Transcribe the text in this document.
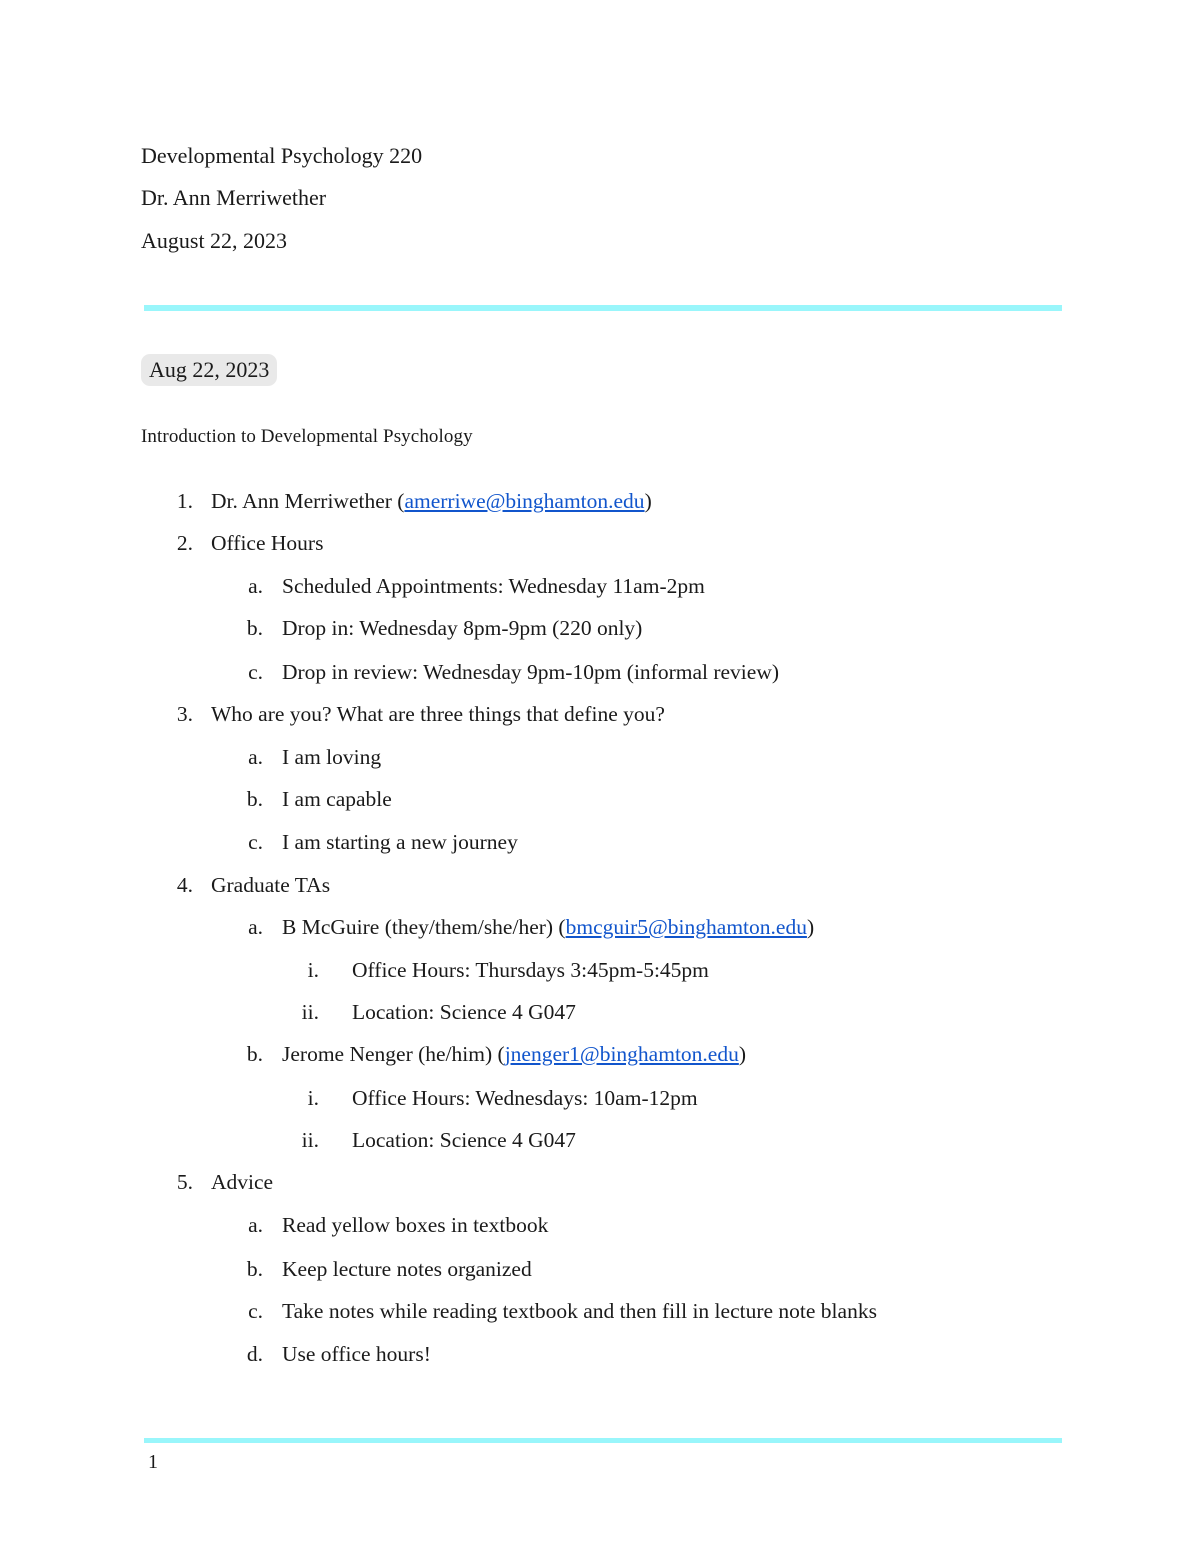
Developmental Psychology 220
Dr. Ann Merriwether
August 22, 2023
Aug 22, 2023
Introduction to Developmental Psychology
1. Dr. Ann Merriwether (amerriwe@binghamton.edu)
2. Office Hours
a. Scheduled Appointments: Wednesday 11am-2pm
b. Drop in: Wednesday 8pm-9pm (220 only)
c. Drop in review: Wednesday 9pm-10pm (informal review)
3. Who are you? What are three things that define you?
a. I am loving
b. I am capable
c. I am starting a new journey
4. Graduate TAs
a. B McGuire (they/them/she/her) (bmcguir5@binghamton.edu)
i. Office Hours: Thursdays 3:45pm-5:45pm
ii. Location: Science 4 G047
b. Jerome Nenger (he/him) (jnenger1@binghamton.edu)
i. Office Hours: Wednesdays: 10am-12pm
ii. Location: Science 4 G047
5. Advice
a. Read yellow boxes in textbook
b. Keep lecture notes organized
c. Take notes while reading textbook and then fill in lecture note blanks
d. Use office hours!
1
